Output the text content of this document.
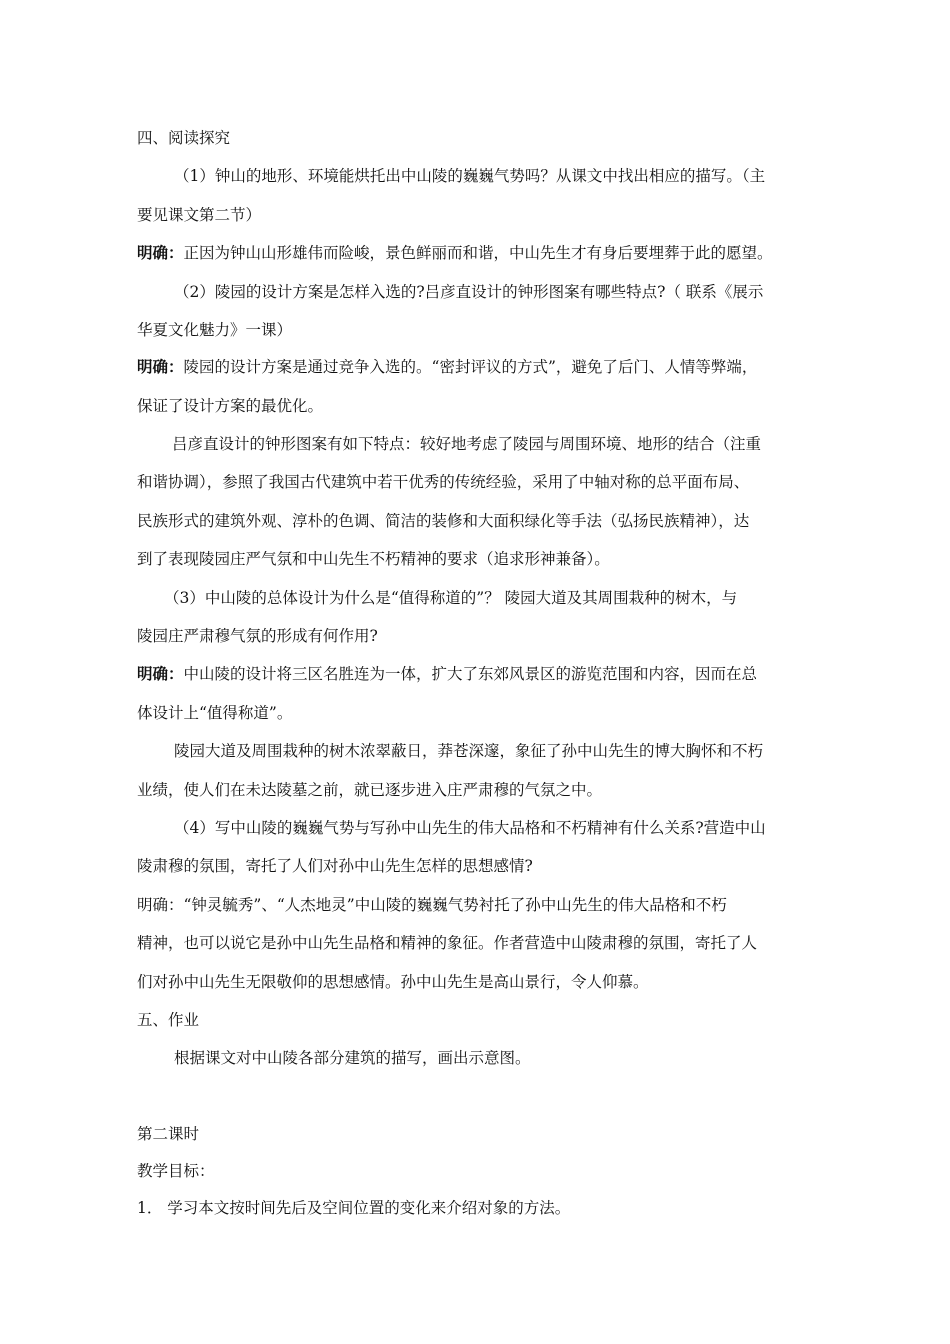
四、阅读探究
（1）钟山的地形、环境能烘托出中山陵的巍巍气势吗？从课文中找出相应的描写。（主
要见课文第二节）
明确：正因为钟山山形雄伟而险峻，景色鲜丽而和谐，中山先生才有身后要埋葬于此的愿望。
（2）陵园的设计方案是怎样入选的?吕彦直设计的钟形图案有哪些特点?（ 联系《展示
华夏文化魅力》一课）
明确：陵园的设计方案是通过竞争入选的。“密封评议的方式”，避免了后门、人情等弊端，
保证了设计方案的最优化。
吕彦直设计的钟形图案有如下特点：较好地考虑了陵园与周围环境、地形的结合（注重
和谐协调），参照了我国古代建筑中若干优秀的传统经验，采用了中轴对称的总平面布局、
民族形式的建筑外观、淳朴的色调、简洁的装修和大面积绿化等手法（弘扬民族精神），达
到了表现陵园庄严气氛和中山先生不朽精神的要求（追求形神兼备）。
（3）中山陵的总体设计为什么是“值得称道的”？ 陵园大道及其周围栽种的树木，与
陵园庄严肃穆气氛的形成有何作用?
明确：中山陵的设计将三区名胜连为一体，扩大了东郊风景区的游览范围和内容，因而在总
体设计上“值得称道”。
陵园大道及周围栽种的树木浓翠蔽日，莽苍深邃，象征了孙中山先生的博大胸怀和不朽
业绩，使人们在未达陵墓之前，就已逐步进入庄严肃穆的气氛之中。
（4）写中山陵的巍巍气势与写孙中山先生的伟大品格和不朽精神有什么关系?营造中山
陵肃穆的氛围，寄托了人们对孙中山先生怎样的思想感情?
明确：“钟灵毓秀”、“人杰地灵”中山陵的巍巍气势衬托了孙中山先生的伟大品格和不朽
精神，也可以说它是孙中山先生品格和精神的象征。作者营造中山陵肃穆的氛围，寄托了人
们对孙中山先生无限敬仰的思想感情。孙中山先生是高山景行，令人仰慕。
五、作业
根据课文对中山陵各部分建筑的描写，画出示意图。
第二课时
教学目标：
1． 学习本文按时间先后及空间位置的变化来介绍对象的方法。
